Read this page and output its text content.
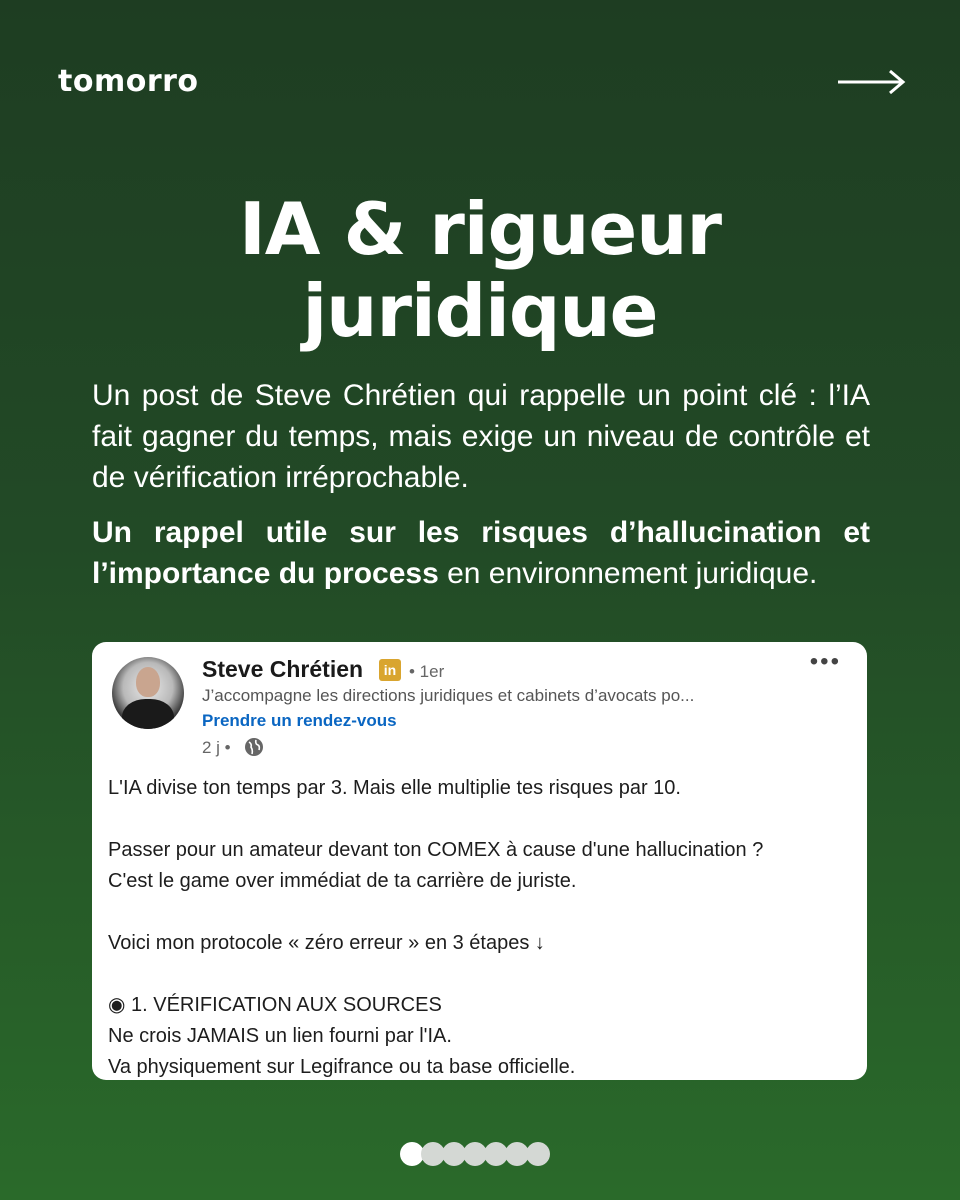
tomorro
IA & rigueur
juridique

Un post de Steve Chrétien qui rappelle un point clé : l’IA fait gagner du temps, mais exige un niveau de contrôle et de vérification irréprochable.

Un rappel utile sur les risques d’hallucination et l’importance du process en environnement juridique.

Steve Chrétien	in • 1er	•••
J’accompagne les directions juridiques et cabinets d’avocats po...
Prendre un rendez-vous
2 j •

L'IA divise ton temps par 3. Mais elle multiplie tes risques par 10.

Passer pour un amateur devant ton COMEX à cause d'une hallucination ?

C'est le game over immédiat de ta carrière de juriste.

Voici mon protocole « zéro erreur » en 3 étapes ↓

◉ 1. VÉRIFICATION AUX SOURCES

Ne crois JAMAIS un lien fourni par l'IA.

Va physiquement sur Legifrance ou ta base officielle.
